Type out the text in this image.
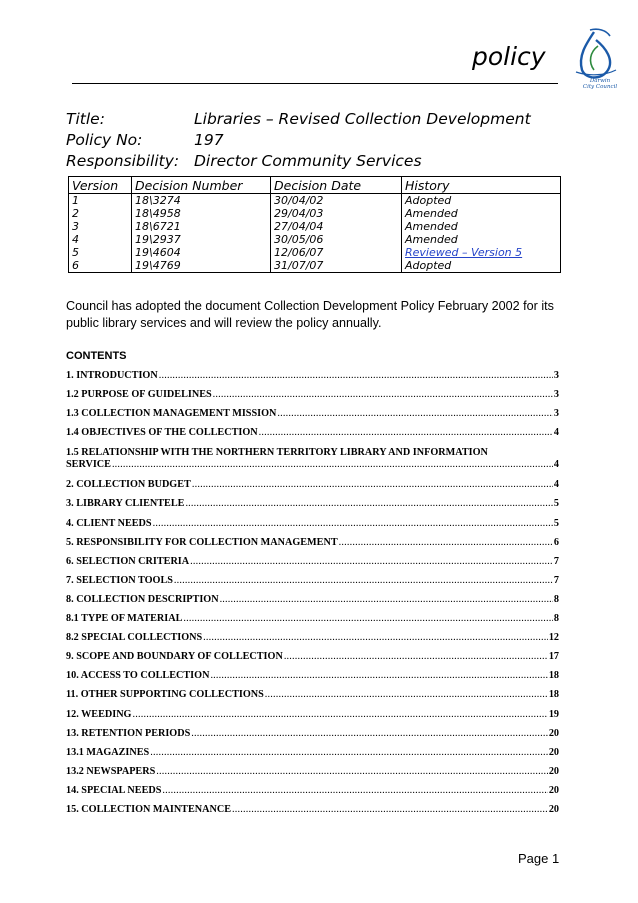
policy
Darwin
City Council
Title:	Libraries – Revised Collection Development
Policy No:	197
Responsibility: Director Community Services
Version	Decision Number	Decision Date	History
1	18\3274	30/04/02	Adopted
2	18\4958	29/04/03	Amended
3	18\6721	27/04/04	Amended
4	19\2937	30/05/06	Amended
5	19\4604	12/06/07	Reviewed – Version 5
6	19\4769	31/07/07	Adopted
Council has adopted the document Collection Development Policy February 2002 for its public library services and will review the policy annually.
CONTENTS
1. INTRODUCTION .....	3
1.2 PURPOSE OF GUIDELINES .....	3
1.3 COLLECTION MANAGEMENT MISSION .....	3
1.4 OBJECTIVES OF THE COLLECTION .....	4
1.5 RELATIONSHIP WITH THE NORTHERN TERRITORY LIBRARY AND INFORMATION
SERVICE .....	4
2. COLLECTION BUDGET .....	4
3. LIBRARY CLIENTELE .....	5
4. CLIENT NEEDS .....	5
5. RESPONSIBILITY FOR COLLECTION MANAGEMENT .....	6
6. SELECTION CRITERIA .....	7
7. SELECTION TOOLS .....	7
8. COLLECTION DESCRIPTION .....	8
8.1 TYPE OF MATERIAL .....	8
8.2 SPECIAL COLLECTIONS .....	12
9. SCOPE AND BOUNDARY OF COLLECTION .....	17
10. ACCESS TO COLLECTION .....	18
11. OTHER SUPPORTING COLLECTIONS .....	18
12. WEEDING .....	19
13. RETENTION PERIODS .....	20
13.1 MAGAZINES .....	20
13.2 NEWSPAPERS .....	20
14. SPECIAL NEEDS .....	20
15. COLLECTION MAINTENANCE .....	20
Page 1
